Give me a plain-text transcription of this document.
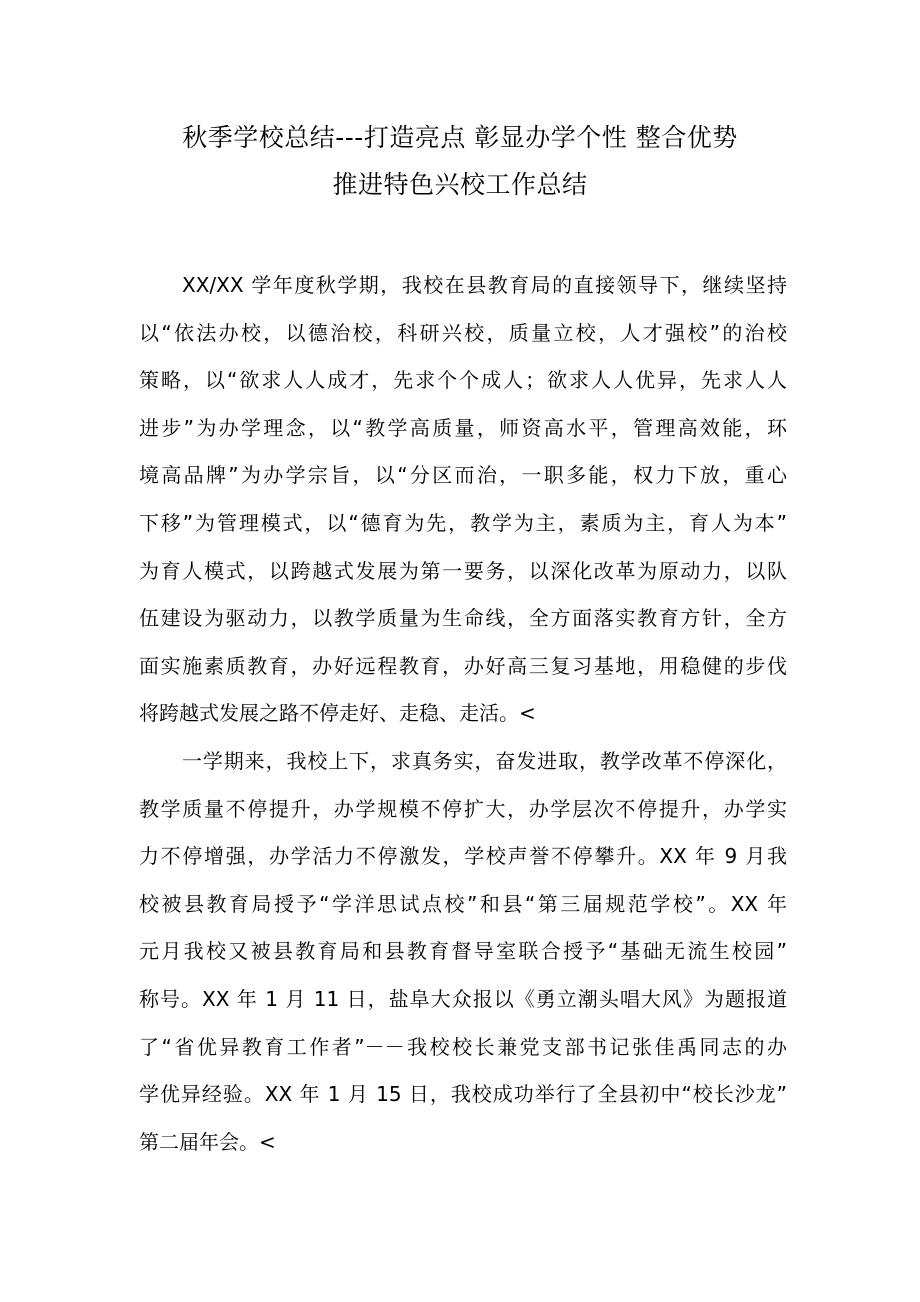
秋季学校总结---打造亮点 彰显办学个性 整合优势
推进特色兴校工作总结
XX/XX 学年度秋学期，我校在县教育局的直接领导下，继续坚持
以“依法办校，以德治校，科研兴校，质量立校，人才强校”的治校
策略，以“欲求人人成才，先求个个成人；欲求人人优异，先求人人
进步”为办学理念，以“教学高质量，师资高水平，管理高效能，环
境高品牌”为办学宗旨，以“分区而治，一职多能，权力下放，重心
下移”为管理模式，以“德育为先，教学为主，素质为主，育人为本”
为育人模式，以跨越式发展为第一要务，以深化改革为原动力，以队
伍建设为驱动力，以教学质量为生命线，全方面落实教育方针，全方
面实施素质教育，办好远程教育，办好高三复习基地，用稳健的步伐
将跨越式发展之路不停走好、走稳、走活。<
一学期来，我校上下，求真务实，奋发进取，教学改革不停深化，
教学质量不停提升，办学规模不停扩大，办学层次不停提升，办学实
力不停增强，办学活力不停激发，学校声誉不停攀升。XX 年 9 月我
校被县教育局授予“学洋思试点校”和县“第三届规范学校”。XX 年
元月我校又被县教育局和县教育督导室联合授予“基础无流生校园”
称号。XX 年 1 月 11 日，盐阜大众报以《勇立潮头唱大风》为题报道
了“省优异教育工作者”－－我校校长兼党支部书记张佳禹同志的办
学优异经验。XX 年 1 月 15 日，我校成功举行了全县初中“校长沙龙”
第二届年会。<
